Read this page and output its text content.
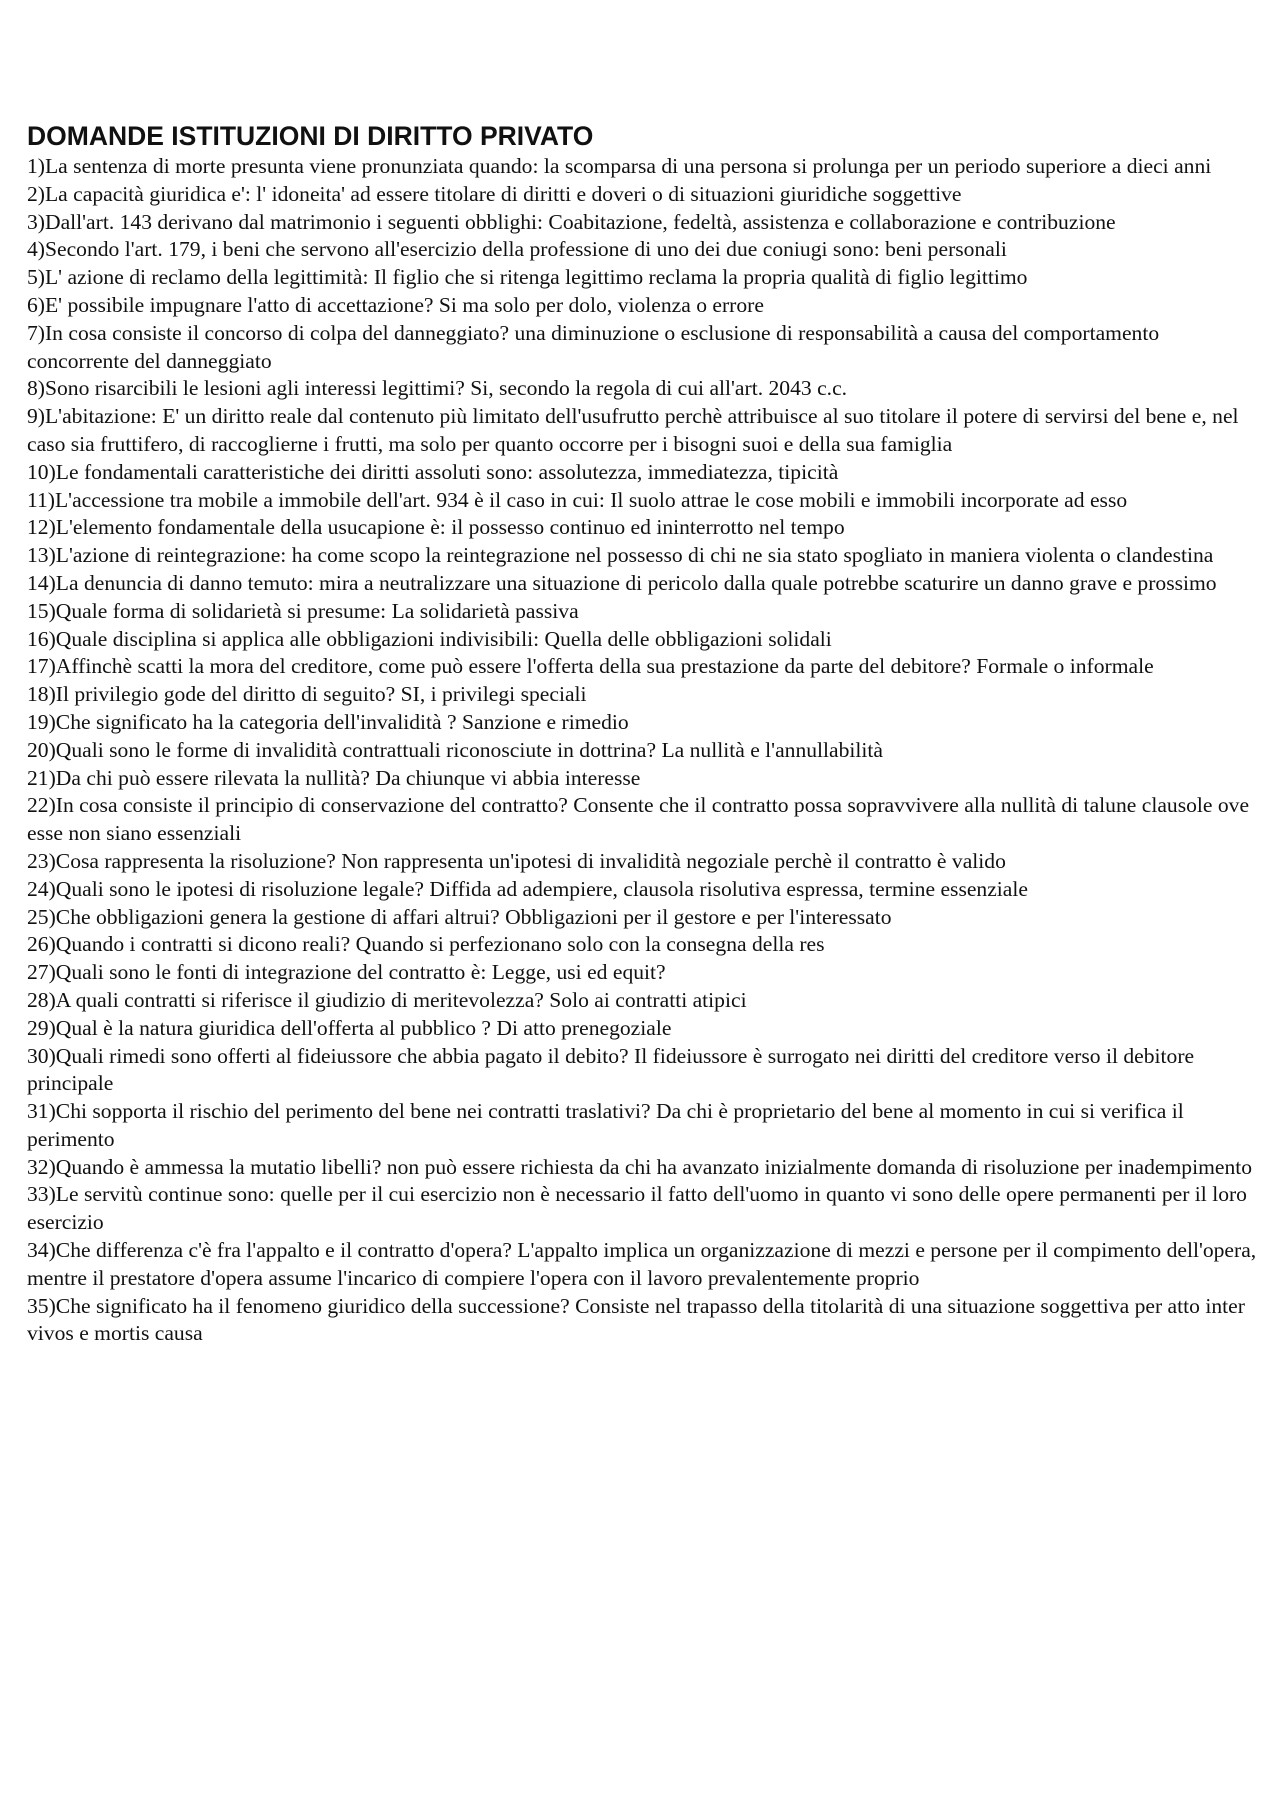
DOMANDE ISTITUZIONI DI DIRITTO PRIVATO
1)La sentenza di morte presunta viene pronunziata quando: la scomparsa di una persona si prolunga per un periodo superiore a dieci anni
2)La capacità giuridica e': l' idoneita' ad essere titolare di diritti e doveri o di situazioni giuridiche soggettive
3)Dall'art. 143 derivano dal matrimonio i seguenti obblighi: Coabitazione, fedeltà, assistenza e collaborazione e contribuzione
4)Secondo l'art. 179, i beni che servono all'esercizio della professione di uno dei due coniugi sono: beni personali
5)L' azione di reclamo della legittimità: Il figlio che si ritenga legittimo reclama la propria qualità di figlio legittimo
6)E' possibile impugnare l'atto di accettazione? Si ma solo per dolo, violenza o errore
7)In cosa consiste il concorso di colpa del danneggiato? una diminuzione o esclusione di responsabilità a causa del comportamento concorrente del danneggiato
8)Sono risarcibili le lesioni agli interessi legittimi? Si, secondo la regola di cui all'art. 2043 c.c.
9)L'abitazione: E' un diritto reale dal contenuto più limitato dell'usufrutto perchè attribuisce al suo titolare il potere di servirsi del bene e, nel caso sia fruttifero, di raccoglierne i frutti, ma solo per quanto occorre per i bisogni suoi e della sua famiglia
10)Le fondamentali caratteristiche dei diritti assoluti sono: assolutezza, immediatezza, tipicità
11)L'accessione tra mobile a immobile dell'art. 934 è il caso in cui: Il suolo attrae le cose mobili e immobili incorporate ad esso
12)L'elemento fondamentale della usucapione è: il possesso continuo ed ininterrotto nel tempo
13)L'azione di reintegrazione: ha come scopo la reintegrazione nel possesso di chi ne sia stato spogliato in maniera violenta o clandestina
14)La denuncia di danno temuto: mira a neutralizzare una situazione di pericolo dalla quale potrebbe scaturire un danno grave e prossimo
15)Quale forma di solidarietà si presume: La solidarietà passiva
16)Quale disciplina si applica alle obbligazioni indivisibili: Quella delle obbligazioni solidali
17)Affinchè scatti la mora del creditore, come può essere l'offerta della sua prestazione da parte del debitore? Formale o informale
18)Il privilegio gode del diritto di seguito? SI, i privilegi speciali
19)Che significato ha la categoria dell'invalidità ? Sanzione e rimedio
20)Quali sono le forme di invalidità contrattuali riconosciute in dottrina? La nullità e l'annullabilità
21)Da chi può essere rilevata la nullità? Da chiunque vi abbia interesse
22)In cosa consiste il principio di conservazione del contratto? Consente che il contratto possa sopravvivere alla nullità di talune clausole ove esse non siano essenziali
23)Cosa rappresenta la risoluzione? Non rappresenta un'ipotesi di invalidità negoziale perchè il contratto è valido
24)Quali sono le ipotesi di risoluzione legale? Diffida ad adempiere, clausola risolutiva espressa, termine essenziale
25)Che obbligazioni genera la gestione di affari altrui? Obbligazioni per il gestore e per l'interessato
26)Quando i contratti si dicono reali? Quando si perfezionano solo con la consegna della res
27)Quali sono le fonti di integrazione del contratto è: Legge, usi ed equit?
28)A quali contratti si riferisce il giudizio di meritevolezza? Solo ai contratti atipici
29)Qual è la natura giuridica dell'offerta al pubblico ? Di atto prenegoziale
30)Quali rimedi sono offerti al fideiussore che abbia pagato il debito? Il fideiussore è surrogato nei diritti del creditore verso il debitore principale
31)Chi sopporta il rischio del perimento del bene nei contratti traslativi? Da chi è proprietario del bene al momento in cui si verifica il perimento
32)Quando è ammessa la mutatio libelli? non può essere richiesta da chi ha avanzato inizialmente domanda di risoluzione per inadempimento
33)Le servitù continue sono: quelle per il cui esercizio non è necessario il fatto dell'uomo in quanto vi sono delle opere permanenti per il loro esercizio
34)Che differenza c'è fra l'appalto e il contratto d'opera? L'appalto implica un organizzazione di mezzi e persone per il compimento dell'opera, mentre il prestatore d'opera assume l'incarico di compiere l'opera con il lavoro prevalentemente proprio
35)Che significato ha il fenomeno giuridico della successione? Consiste nel trapasso della titolarità di una situazione soggettiva per atto inter vivos e mortis causa
